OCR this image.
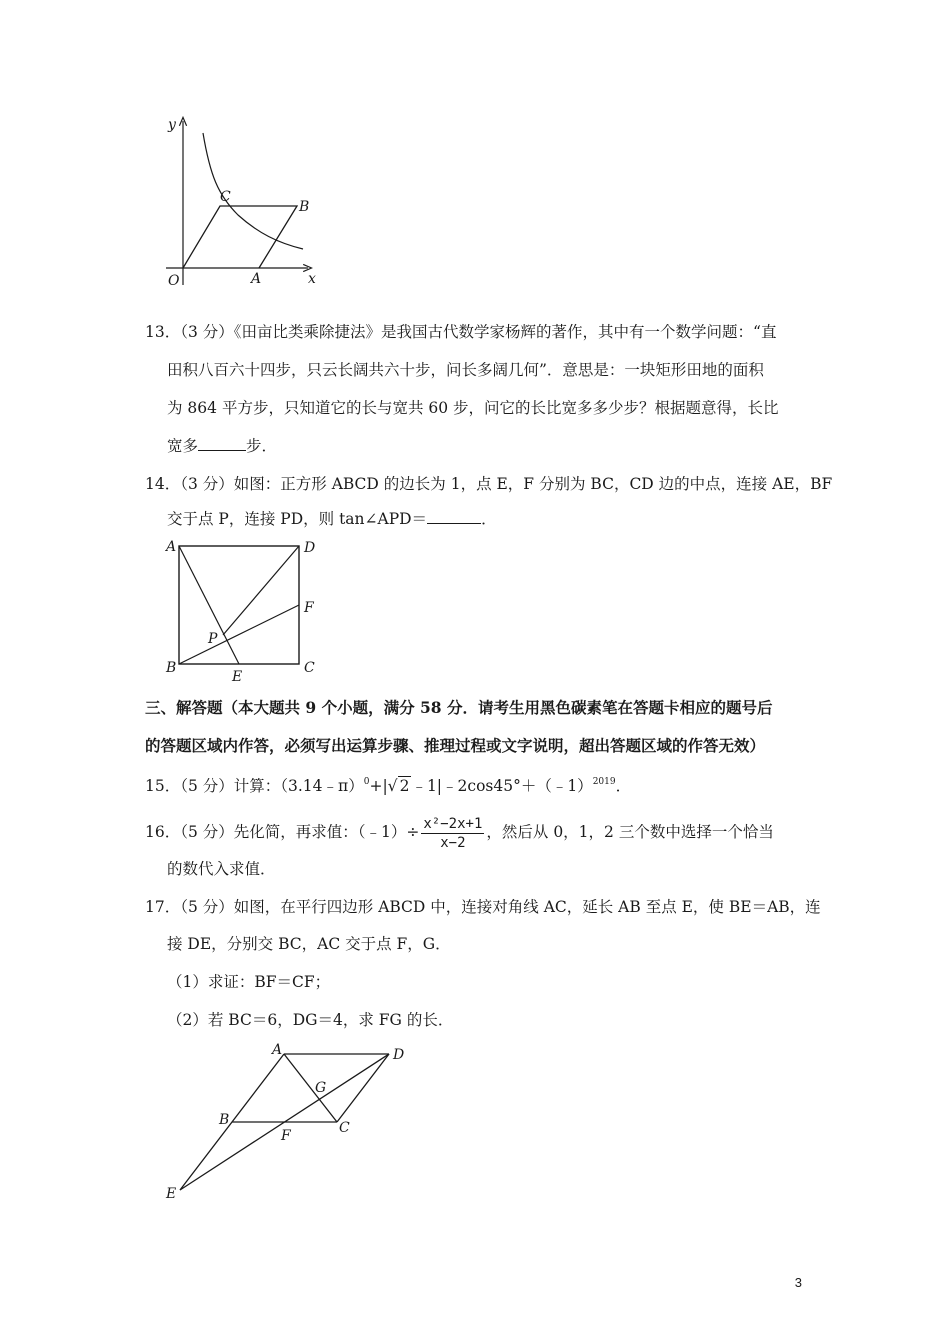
y
x
O	A
B
C
13．（3 分）《田亩比类乘除捷法》是我国古代数学家杨辉的著作，其中有一个数学问题：“直
田积八百六十四步，只云长阔共六十步，问长多阔几何”．意思是：一块矩形田地的面积
为 864 平方步，只知道它的长与宽共 60 步，问它的长比宽多多少步？根据题意得，长比
宽多	步．
14．（3 分）如图：正方形 ABCD 的边长为 1，点 E，F 分别为 BC，CD 边的中点，连接 AE，BF
交于点 P，连接 PD，则 tan∠APD＝	．
A	D
F
P
B	C
E
三、解答题（本大题共 9 个小题，满分 58 分．请考生用黑色碳素笔在答题卡相应的题号后
的答题区域内作答，必须写出运算步骤、推理过程或文字说明，超出答题区域的作答无效）
15．（5 分）计算：（3.14﹣π）$^0$+|√ 2 ﹣1|﹣2cos45°＋（﹣1）$^{2019}$．
16．（5 分）先化简，再求值：（﹣1）÷ $\frac{\text{x²−2x+1}}{x-2}$ ，然后从 0，1，2 三个数中选择一个恰当
的数代入求值．
17．（5 分）如图，在平行四边形 ABCD 中，连接对角线 AC，延长 AB 至点 E，使 BE＝AB，连
接 DE，分别交 BC，AC 交于点 F，G．
（1）求证：BF＝CF；
（2）若 BC＝6，DG＝4，求 FG 的长．
A	D
G
B	C
F
E
3
